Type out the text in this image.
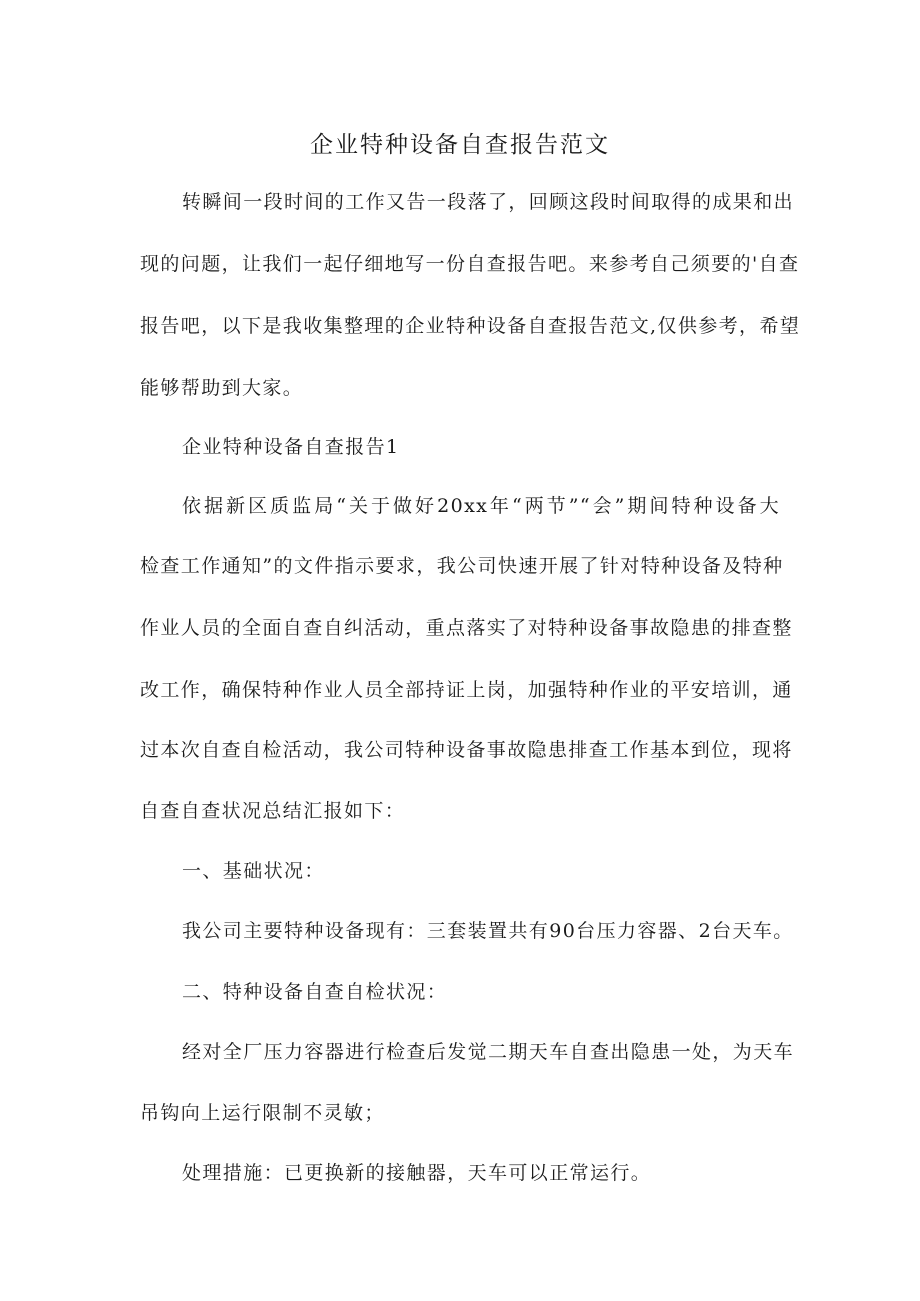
企业特种设备自查报告范文
转瞬间一段时间的工作又告一段落了，回顾这段时间取得的成果和出
现的问题，让我们一起仔细地写一份自查报告吧。来参考自己须要的'自查
报告吧，以下是我收集整理的企业特种设备自查报告范文,仅供参考，希望
能够帮助到大家。
企业特种设备自查报告1
依据新区质监局“关于做好20xx年“两节”“会”期间特种设备大
检查工作通知”的文件指示要求，我公司快速开展了针对特种设备及特种
作业人员的全面自查自纠活动，重点落实了对特种设备事故隐患的排查整
改工作，确保特种作业人员全部持证上岗，加强特种作业的平安培训，通
过本次自查自检活动，我公司特种设备事故隐患排查工作基本到位，现将
自查自查状况总结汇报如下：
一、基础状况：
我公司主要特种设备现有：三套装置共有90台压力容器、2台天车。
二、特种设备自查自检状况：
经对全厂压力容器进行检查后发觉二期天车自查出隐患一处，为天车
吊钩向上运行限制不灵敏；
处理措施：已更换新的接触器，天车可以正常运行。
